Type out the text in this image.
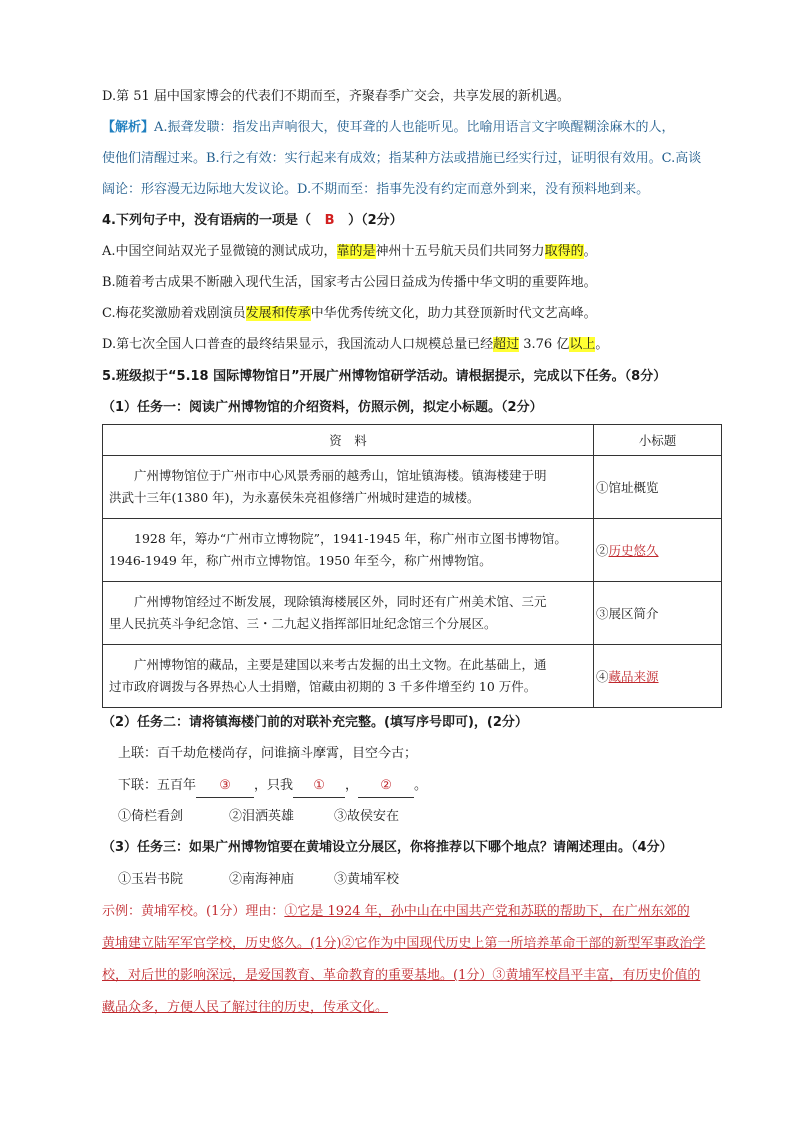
D.第 51 届中国家博会的代表们不期而至，齐聚春季广交会，共享发展的新机遇。
【解析】A.振聋发聩：指发出声响很大，使耳聋的人也能听见。比喻用语言文字唤醒糊涂麻木的人，
使他们清醒过来。B.行之有效：实行起来有成效；指某种方法或措施已经实行过，证明很有效用。C.高谈
阔论：形容漫无边际地大发议论。D.不期而至：指事先没有约定而意外到来，没有预料地到来。
4.下列句子中，没有语病的一项是（ B ）（2分）
A.中国空间站双光子显微镜的测试成功，靠的是神州十五号航天员们共同努力取得的。
B.随着考古成果不断融入现代生活，国家考古公园日益成为传播中华文明的重要阵地。
C.梅花奖激励着戏剧演员发展和传承中华优秀传统文化，助力其登顶新时代文艺高峰。
D.第七次全国人口普查的最终结果显示，我国流动人口规模总量已经超过 3.76 亿以上。
5.班级拟于“5.18 国际博物馆日”开展广州博物馆研学活动。请根据提示，完成以下任务。（8分）
（1）任务一：阅读广州博物馆的介绍资料，仿照示例，拟定小标题。（2分）
资　料	小标题
　　广州博物馆位于广州市中心风景秀丽的越秀山，馆址镇海楼。镇海楼建于明
洪武十三年(1380 年)，为永嘉侯朱亮祖修缮广州城时建造的城楼。	①馆址概览
　　1928 年，筹办“广州市立博物院”，1941-1945 年，称广州市立图书博物馆。
1946-1949 年，称广州市立博物馆。1950 年至今，称广州博物馆。	②历史悠久
　　广州博物馆经过不断发展，现除镇海楼展区外，同时还有广州美术馆、三元
里人民抗英斗争纪念馆、三・二九起义指挥部旧址纪念馆三个分展区。	③展区简介
　　广州博物馆的藏品，主要是建国以来考古发掘的出土文物。在此基础上，通
过市政府调拨与各界热心人士捐赠，馆藏由初期的 3 千多件增至约 10 万件。	④藏品来源
（2）任务二：请将镇海楼门前的对联补充完整。(填写序号即可)，(2分）
上联：百千劫危楼尚存，问谁摘斗摩霄，目空今古；
下联：五百年 ③ ，只我 ① ， ② 。
①倚栏看剑	②泪洒英雄	③故侯安在
（3）任务三：如果广州博物馆要在黄埔设立分展区，你将推荐以下哪个地点？请阐述理由。（4分）
①玉岩书院	②南海神庙	③黄埔军校
示例：黄埔军校。(1分）理由：①它是 1924 年，孙中山在中国共产党和苏联的帮助下，在广州东郊的
黄埔建立陆军军官学校，历史悠久。(1分)②它作为中国现代历史上第一所培养革命干部的新型军事政治学
校，对后世的影响深远，是爱国教育、革命教育的重要基地。(1分）③黄埔军校昌平丰富，有历史价值的
藏品众多，方便人民了解过往的历史，传承文化。
